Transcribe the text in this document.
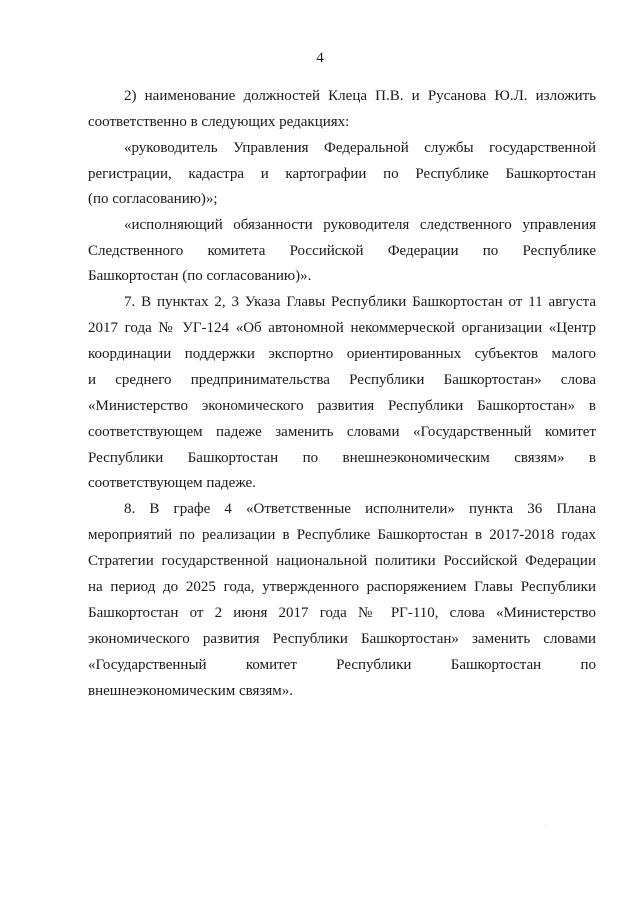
4
2) наименование должностей Клеца П.В. и Русанова Ю.Л. изложить
соответственно в следующих редакциях:
«руководитель Управления Федеральной службы государственной
регистрации, кадастра и картографии по Республике Башкортостан
(по согласованию)»;
«исполняющий обязанности руководителя следственного управления
Следственного комитета Российской Федерации по Республике
Башкортостан (по согласованию)».
7. В пунктах 2, 3 Указа Главы Республики Башкортостан от 11 августа
2017 года № УГ-124 «Об автономной некоммерческой организации «Центр
координации поддержки экспортно ориентированных субъектов малого
и среднего предпринимательства Республики Башкортостан» слова
«Министерство экономического развития Республики Башкортостан» в
соответствующем падеже заменить словами «Государственный комитет
Республики Башкортостан по внешнеэкономическим связям» в
соответствующем падеже.
8. В графе 4 «Ответственные исполнители» пункта 36 Плана
мероприятий по реализации в Республике Башкортостан в 2017-2018 годах
Стратегии государственной национальной политики Российской Федерации
на период до 2025 года, утвержденного распоряжением Главы Республики
Башкортостан от 2 июня 2017 года № РГ-110, слова «Министерство
экономического развития Республики Башкортостан» заменить словами
«Государственный комитет Республики Башкортостан по
внешнеэкономическим связям».
